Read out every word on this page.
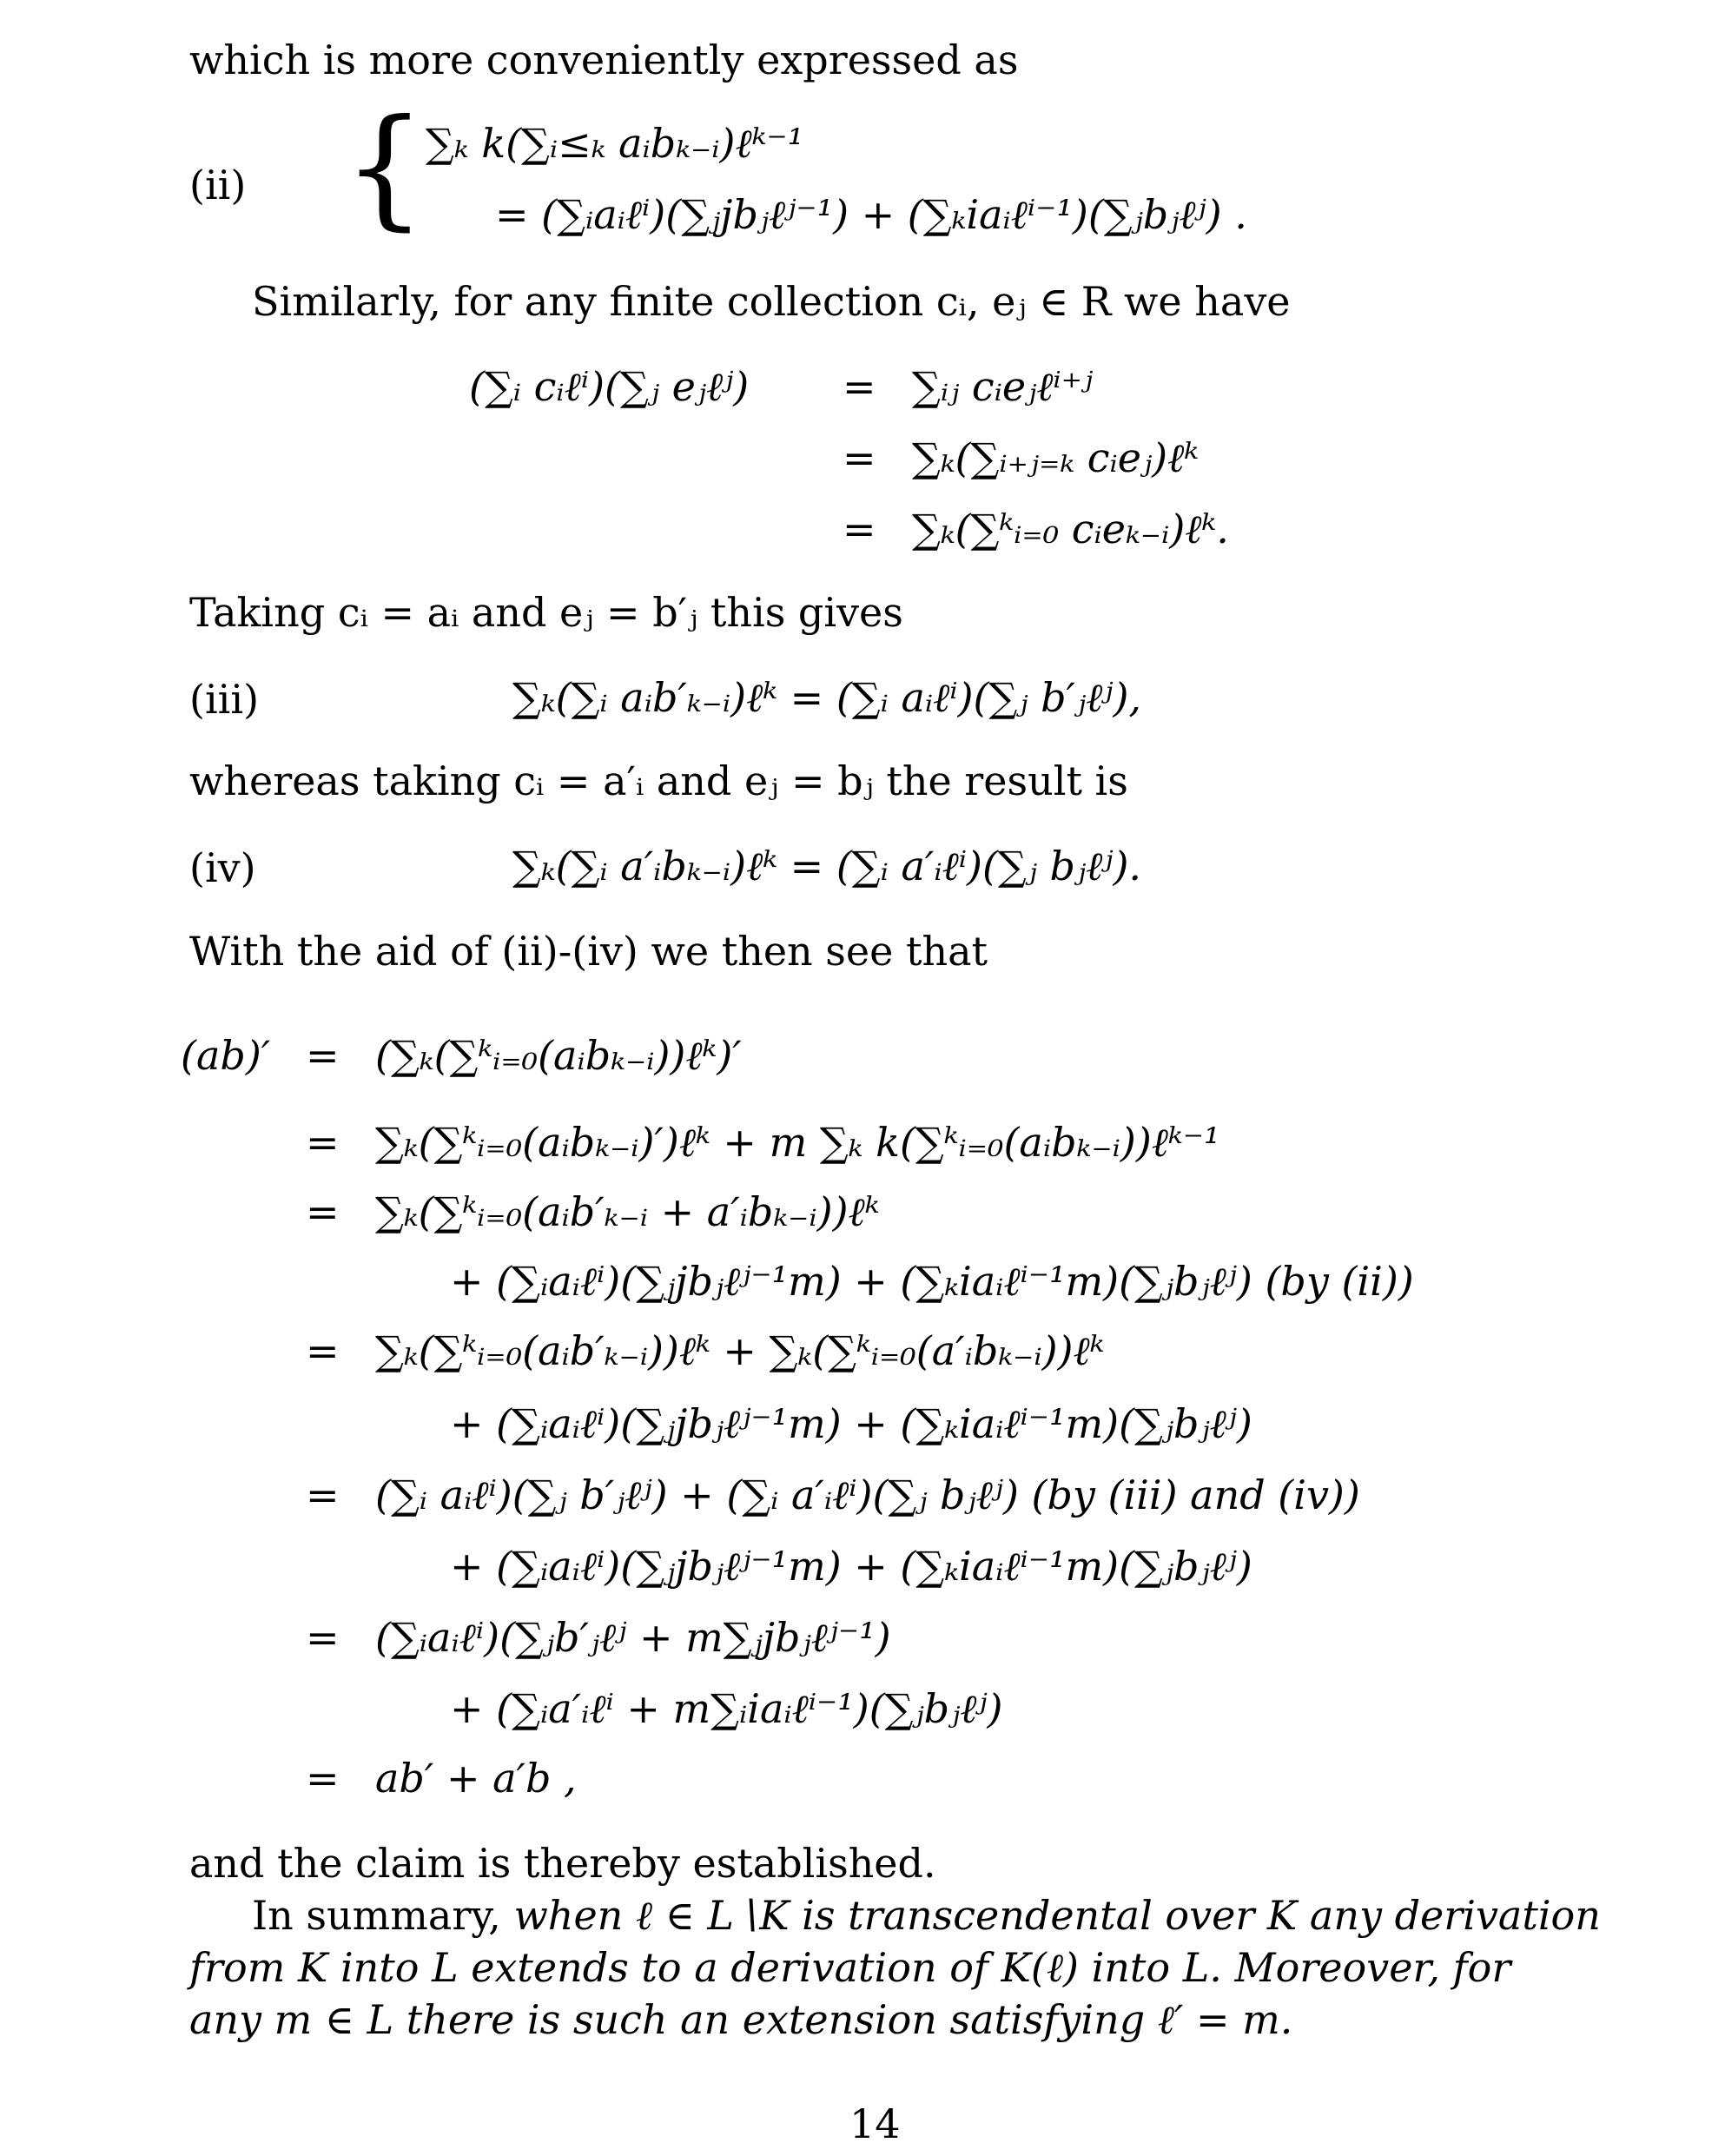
which is more conveniently expressed as
(ii) { ∑ₖ k(∑ᵢ≤ₖ aᵢbₖ₋ᵢ)ℓᵏ⁻¹
= (∑ᵢaᵢℓⁱ)(∑ⱼjbⱼℓʲ⁻¹) + (∑ₖiaᵢℓⁱ⁻¹)(∑ⱼbⱼℓʲ) .
Similarly, for any finite collection cᵢ, eⱼ ∈ R we have
(∑ᵢ cᵢℓⁱ)(∑ⱼ eⱼℓʲ) = ∑ᵢⱼ cᵢeⱼℓⁱ⁺ʲ
= ∑ₖ(∑ᵢ₊ⱼ₌ₖ cᵢeⱼ)ℓᵏ
= ∑ₖ(∑ᵏᵢ₌₀ cᵢeₖ₋ᵢ)ℓᵏ.
Taking cᵢ = aᵢ and eⱼ = b′ⱼ this gives
(iii)	∑ₖ(∑ᵢ aᵢb′ₖ₋ᵢ)ℓᵏ = (∑ᵢ aᵢℓⁱ)(∑ⱼ b′ⱼℓʲ),
whereas taking cᵢ = a′ᵢ and eⱼ = bⱼ the result is
(iv)	∑ₖ(∑ᵢ a′ᵢbₖ₋ᵢ)ℓᵏ = (∑ᵢ a′ᵢℓⁱ)(∑ⱼ bⱼℓʲ).
With the aid of (ii)-(iv) we then see that
(ab)′ = (∑ₖ(∑ᵏᵢ₌₀(aᵢbₖ₋ᵢ))ℓᵏ)′
= ∑ₖ(∑ᵏᵢ₌₀(aᵢbₖ₋ᵢ)′)ℓᵏ + m ∑ₖ k(∑ᵏᵢ₌₀(aᵢbₖ₋ᵢ))ℓᵏ⁻¹
= ∑ₖ(∑ᵏᵢ₌₀(aᵢb′ₖ₋ᵢ + a′ᵢbₖ₋ᵢ))ℓᵏ
+ (∑ᵢaᵢℓⁱ)(∑ⱼjbⱼℓʲ⁻¹m) + (∑ₖiaᵢℓⁱ⁻¹m)(∑ⱼbⱼℓʲ) (by (ii))
= ∑ₖ(∑ᵏᵢ₌₀(aᵢb′ₖ₋ᵢ))ℓᵏ + ∑ₖ(∑ᵏᵢ₌₀(a′ᵢbₖ₋ᵢ))ℓᵏ
+ (∑ᵢaᵢℓⁱ)(∑ⱼjbⱼℓʲ⁻¹m) + (∑ₖiaᵢℓⁱ⁻¹m)(∑ⱼbⱼℓʲ)
= (∑ᵢ aᵢℓⁱ)(∑ⱼ b′ⱼℓʲ) + (∑ᵢ a′ᵢℓⁱ)(∑ⱼ bⱼℓʲ) (by (iii) and (iv))
+ (∑ᵢaᵢℓⁱ)(∑ⱼjbⱼℓʲ⁻¹m) + (∑ₖiaᵢℓⁱ⁻¹m)(∑ⱼbⱼℓʲ)
= (∑ᵢaᵢℓⁱ)(∑ⱼb′ⱼℓʲ + m∑ⱼjbⱼℓʲ⁻¹)
+ (∑ᵢa′ᵢℓⁱ + m∑ᵢiaᵢℓⁱ⁻¹)(∑ⱼbⱼℓʲ)
= ab′ + a′b ,
and the claim is thereby established.
In summary, when ℓ ∈ L∖K is transcendental over K any derivation
from K into L extends to a derivation of K(ℓ) into L. Moreover, for
any m ∈ L there is such an extension satisfying ℓ′ = m.
14
